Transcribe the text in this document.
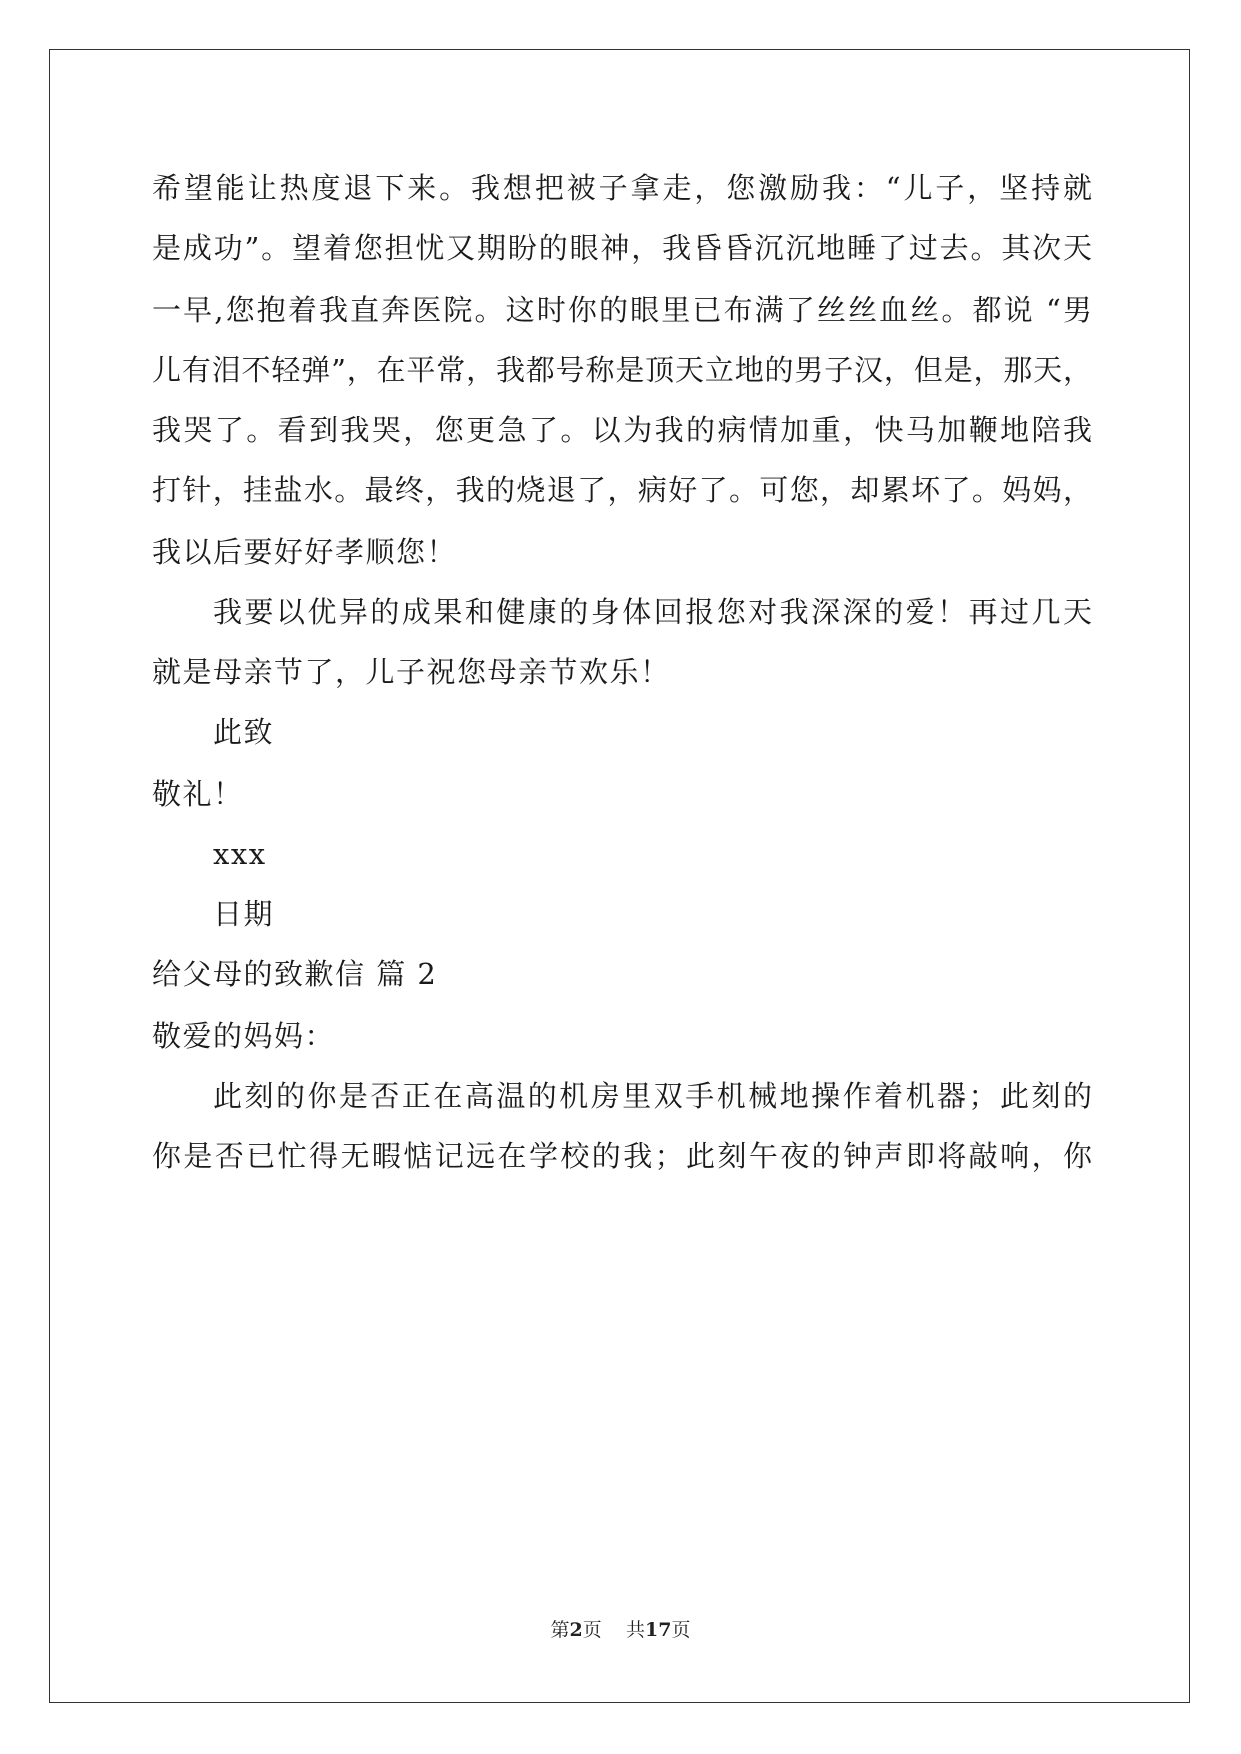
希望能让热度退下来。我想把被子拿走，您激励我：“儿子，坚持就
是成功”。望着您担忧又期盼的眼神，我昏昏沉沉地睡了过去。其次天
一早,您抱着我直奔医院。这时你的眼里已布满了丝丝血丝。都说 “男
儿有泪不轻弹”，在平常，我都号称是顶天立地的男子汉，但是，那天，
我哭了。看到我哭，您更急了。以为我的病情加重，快马加鞭地陪我
打针，挂盐水。最终，我的烧退了，病好了。可您，却累坏了。妈妈，
我以后要好好孝顺您！
我要以优异的成果和健康的身体回报您对我深深的爱！再过几天
就是母亲节了，儿子祝您母亲节欢乐！
此致
敬礼！
xxx
日期
给父母的致歉信 篇 2
敬爱的妈妈：
此刻的你是否正在高温的机房里双手机械地操作着机器；此刻的
你是否已忙得无暇惦记远在学校的我；此刻午夜的钟声即将敲响，你
第2页 共17页
